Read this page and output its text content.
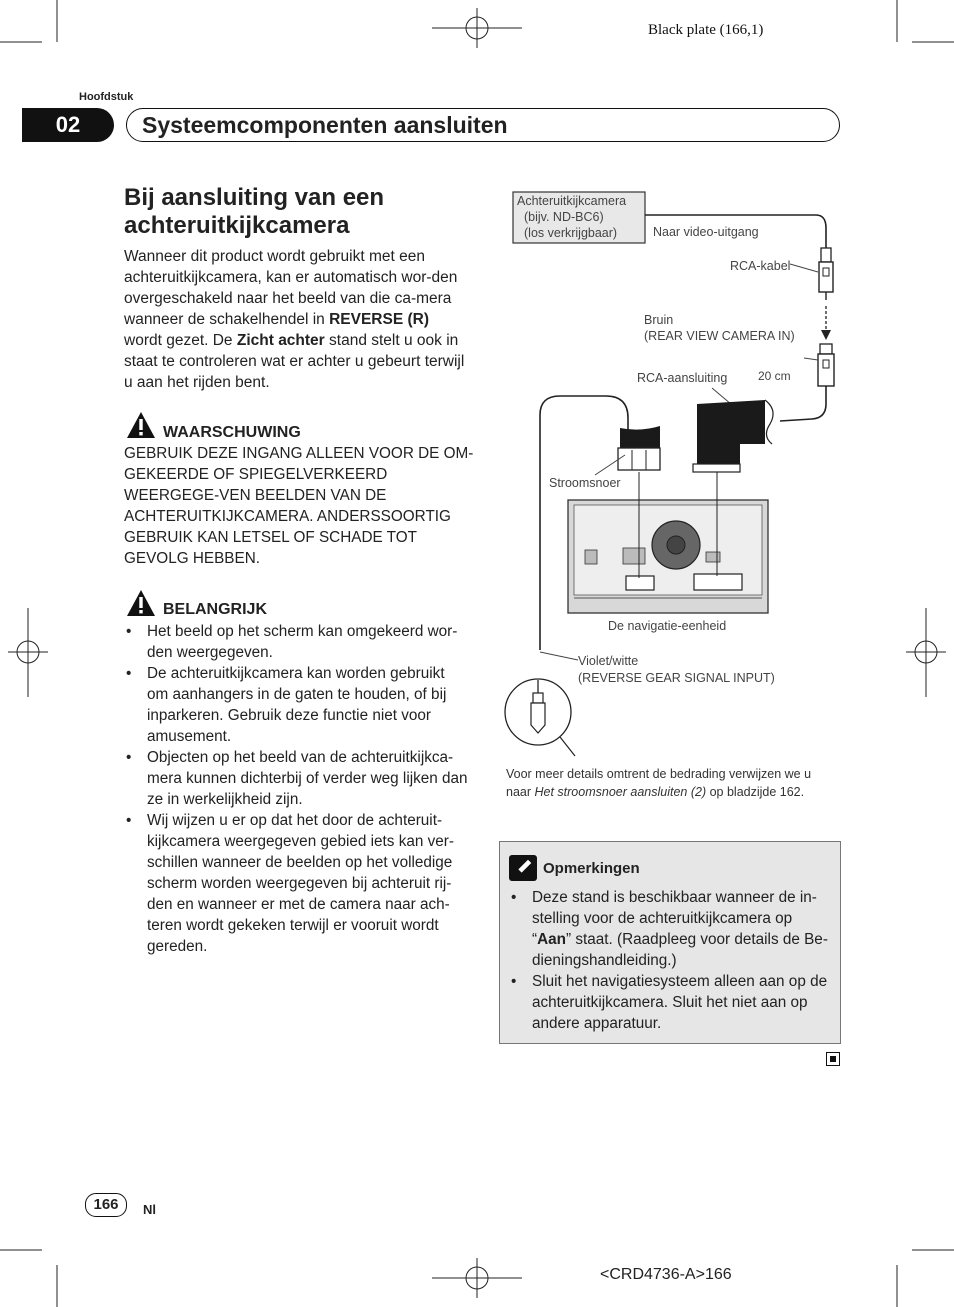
Black plate (166,1)
Hoofdstuk
02	Systeemcomponenten aansluiten
Bij aansluiting van een
achteruitkijkcamera
Wanneer dit product wordt gebruikt met een achteruitkijkcamera, kan er automatisch wor-den overgeschakeld naar het beeld van die ca-mera wanneer de schakelhendel in REVERSE (R) wordt gezet. De Zicht achter stand stelt u ook in staat te controleren wat er achter u gebeurt terwijl u aan het rijden bent.
WAARSCHUWING
GEBRUIK DEZE INGANG ALLEEN VOOR DE OM-GEKEERDE OF SPIEGELVERKEERD WEERGEGE-VEN BEELDEN VAN DE ACHTERUITKIJKCAMERA. ANDERSSOORTIG GEBRUIK KAN LETSEL OF SCHADE TOT GEVOLG HEBBEN.
BELANGRIJK
• Het beeld op het scherm kan omgekeerd wor-den weergegeven.
• De achteruitkijkcamera kan worden gebruikt om aanhangers in de gaten te houden, of bij inparkeren. Gebruik deze functie niet voor amusement.
• Objecten op het beeld van de achteruitkijkca-mera kunnen dichterbij of verder weg lijken dan ze in werkelijkheid zijn.
• Wij wijzen u er op dat het door de achteruit-kijkcamera weergegeven gebied iets kan ver-schillen wanneer de beelden op het volledige scherm worden weergegeven bij achteruit rij-den en wanneer er met de camera naar ach-teren wordt gekeken terwijl er vooruit wordt gereden.
Achteruitkijkcamera
(bijv. ND-BC6)
(los verkrijgbaar)	Naar video-uitgang
RCA-kabel
Bruin
(REAR VIEW CAMERA IN)
RCA-aansluiting	20 cm
Stroomsnoer
De navigatie-eenheid
Violet/witte
(REVERSE GEAR SIGNAL INPUT)
Voor meer details omtrent de bedrading verwijzen we u naar Het stroomsnoer aansluiten (2) op bladzijde 162.
Opmerkingen
• Deze stand is beschikbaar wanneer de in-stelling voor de achteruitkijkcamera op “Aan” staat. (Raadpleeg voor details de Be-dieningshandleiding.)
• Sluit het navigatiesysteem alleen aan op de achteruitkijkcamera. Sluit het niet aan op andere apparatuur.
166	Nl
<CRD4736-A>166
